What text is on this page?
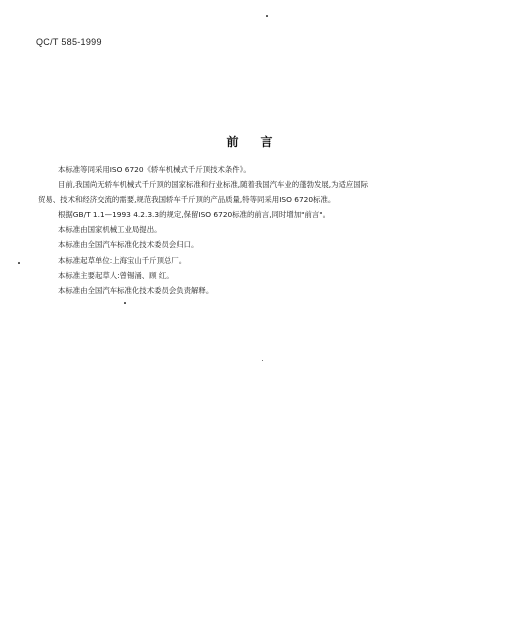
QC/T 585-1999
前 言

本标准等同采用ISO 6720《轿车机械式千斤顶技术条件》。

目前,我国尚无轿车机械式千斤顶的国家标准和行业标准,随着我国汽车业的蓬勃发展,为适应国际

贸易、技术和经济交流的需要,规范我国轿车千斤顶的产品质量,特等同采用ISO 6720标准。

根据GB/T 1.1—1993 4.2.3.3的规定,保留ISO 6720标准的前言,同时增加"前言"。

本标准由国家机械工业局提出。

本标准由全国汽车标准化技术委员会归口。

本标准起草单位:上海宝山千斤顶总厂。

本标准主要起草人:曾锡涌、顾 红。

本标准由全国汽车标准化技术委员会负责解释。
